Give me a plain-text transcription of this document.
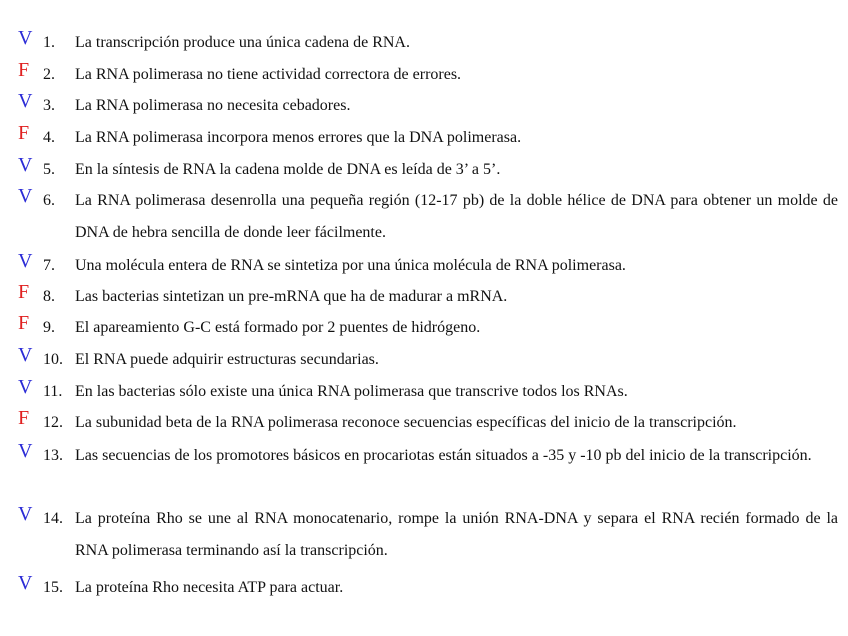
V 1. La transcripción produce una única cadena de RNA.
F 2. La RNA polimerasa no tiene actividad correctora de errores.
V 3. La RNA polimerasa no necesita cebadores.
F 4. La RNA polimerasa incorpora menos errores que la DNA polimerasa.
V 5. En la síntesis de RNA la cadena molde de DNA es leída de 3’ a 5’.
V 6. La RNA polimerasa desenrolla una pequeña región (12-17 pb) de la doble hélice de DNA para obtener un molde de DNA de hebra sencilla de donde leer fácilmente.
V 7. Una molécula entera de RNA se sintetiza por una única molécula de RNA polimerasa.
F 8. Las bacterias sintetizan un pre-mRNA que ha de madurar a mRNA.
F 9. El apareamiento G-C está formado por 2 puentes de hidrógeno.
V 10. El RNA puede adquirir estructuras secundarias.
V 11. En las bacterias sólo existe una única RNA polimerasa que transcrive todos los RNAs.
F 12. La subunidad beta de la RNA polimerasa reconoce secuencias específicas del inicio de la transcripción.
V 13. Las secuencias de los promotores básicos en procariotas están situados a -35 y -10 pb del inicio de la transcripción.
V 14. La proteína Rho se une al RNA monocatenario, rompe la unión RNA-DNA y separa el RNA recién formado de la RNA polimerasa terminando así la transcripción.
V 15. La proteína Rho necesita ATP para actuar.
